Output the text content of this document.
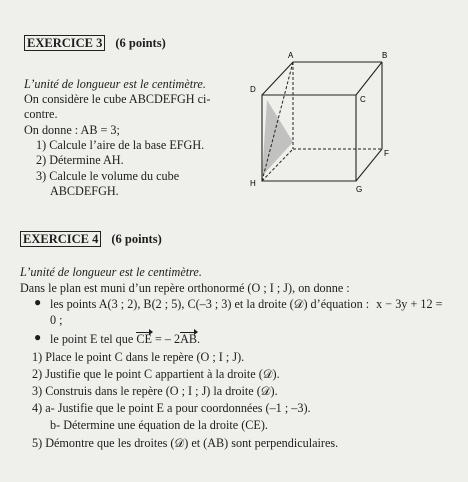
EXERCICE 3 (6 points)
L’unité de longueur est le centimètre.
On considère le cube ABCDEFGH ci-
contre.
On donne : AB = 3;
1) Calcule l’aire de la base EFGH.
2) Détermine AH.
3) Calcule le volume du cube
ABCDEFGH.
A	B
C
D
F
G
H
EXERCICE 4 (6 points)
L’unité de longueur est le centimètre.
Dans le plan est muni d’un repère orthonormé (O ; I ; J), on donne :
● les points A(3 ; 2), B(2 ; 5), C(–3 ; 3) et la droite (𝒟) d’équation : x − 3y + 12 =
0 ;
● le point E tel que CE = – 2AB.
1) Place le point C dans le repère (O ; I ; J).
2) Justifie que le point C appartient à la droite (𝒟).
3) Construis dans le repère (O ; I ; J) la droite (𝒟).
4) a- Justifie que le point E a pour coordonnées (–1 ; –3).
b- Détermine une équation de la droite (CE).
5) Démontre que les droites (𝒟) et (AB) sont perpendiculaires.
